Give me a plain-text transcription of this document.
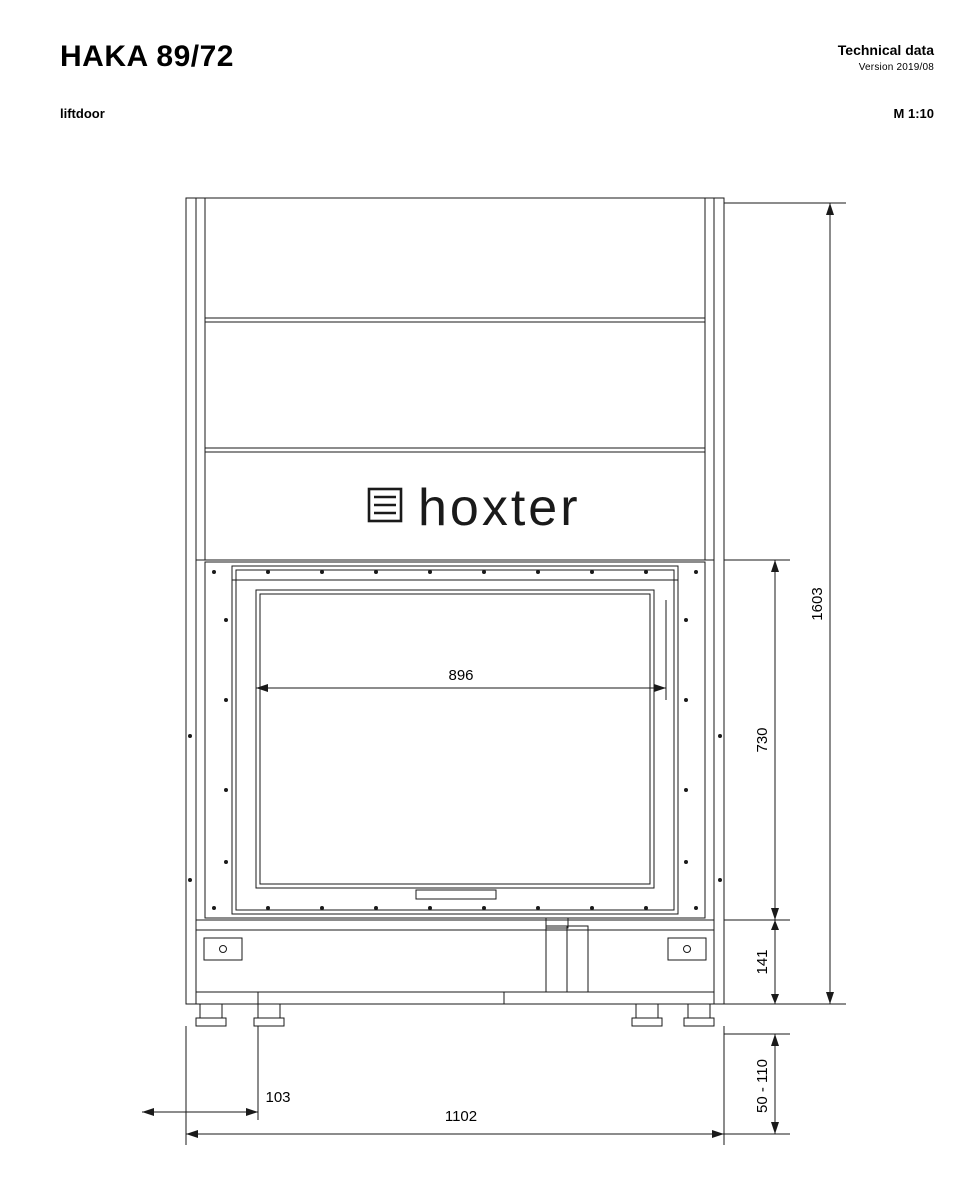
HAKA 89/72
liftdoor
Technical data
Version 2019/08
M 1:10
hoxter
896
1102
103
1603
730
141
50 - 110
